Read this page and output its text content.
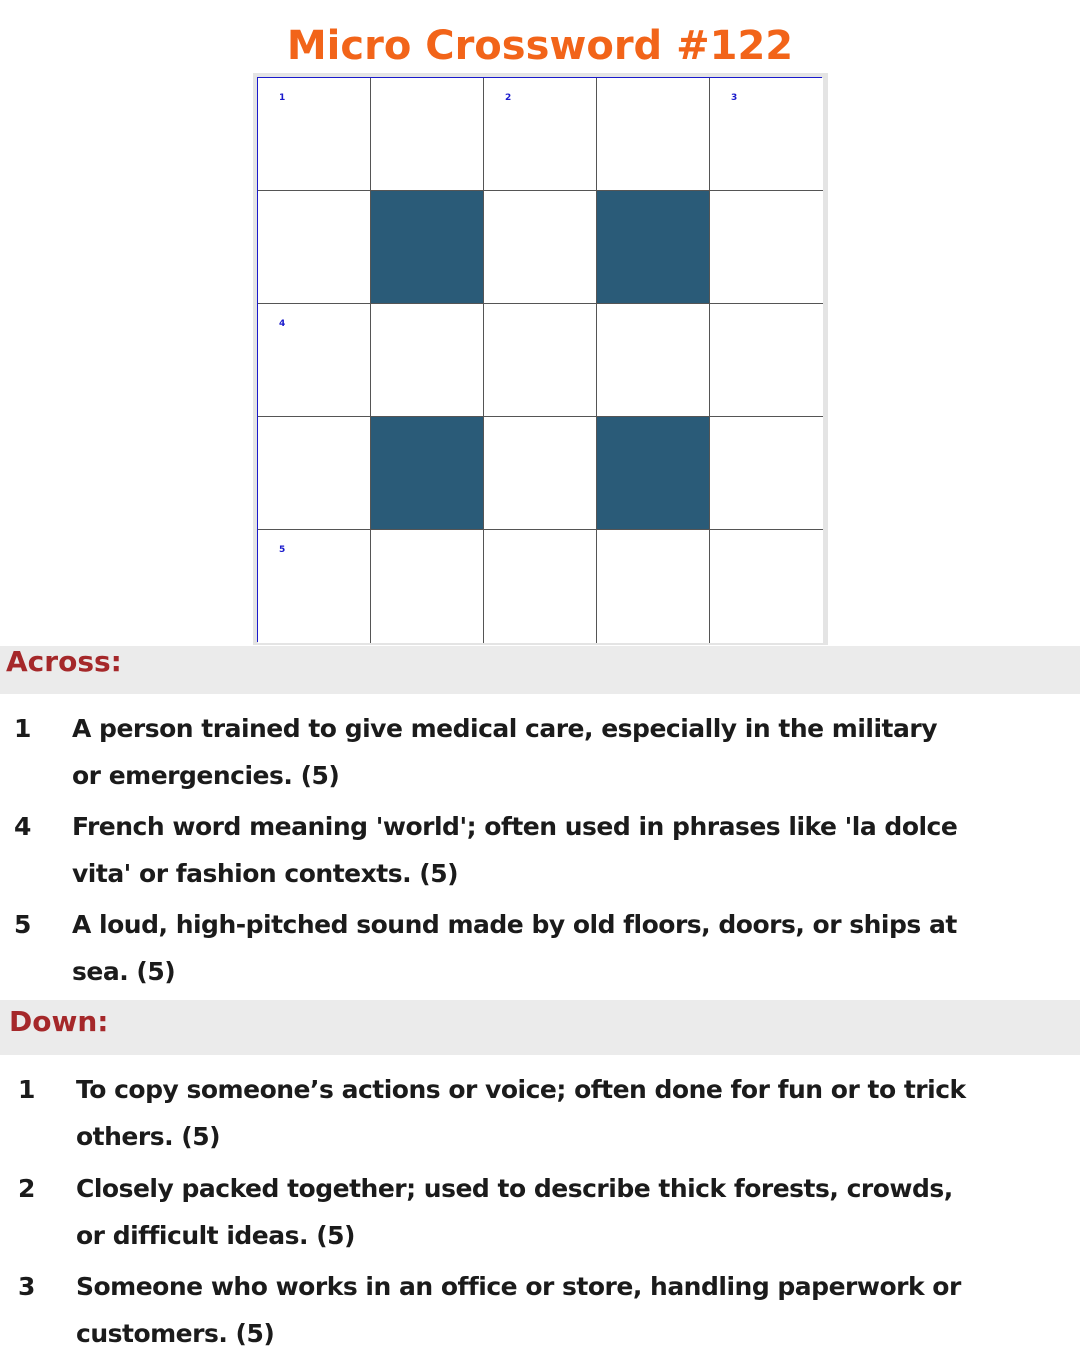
Micro Crossword #122
1	2	3
4
5
Across:
1 A person trained to give medical care, especially in the military
or emergencies. (5)
4 French word meaning 'world'; often used in phrases like 'la dolce
vita' or fashion contexts. (5)
5 A loud, high-pitched sound made by old floors, doors, or ships at
sea. (5)
Down:
1 To copy someone’s actions or voice; often done for fun or to trick
others. (5)
2 Closely packed together; used to describe thick forests, crowds,
or difficult ideas. (5)
3 Someone who works in an office or store, handling paperwork or
customers. (5)
